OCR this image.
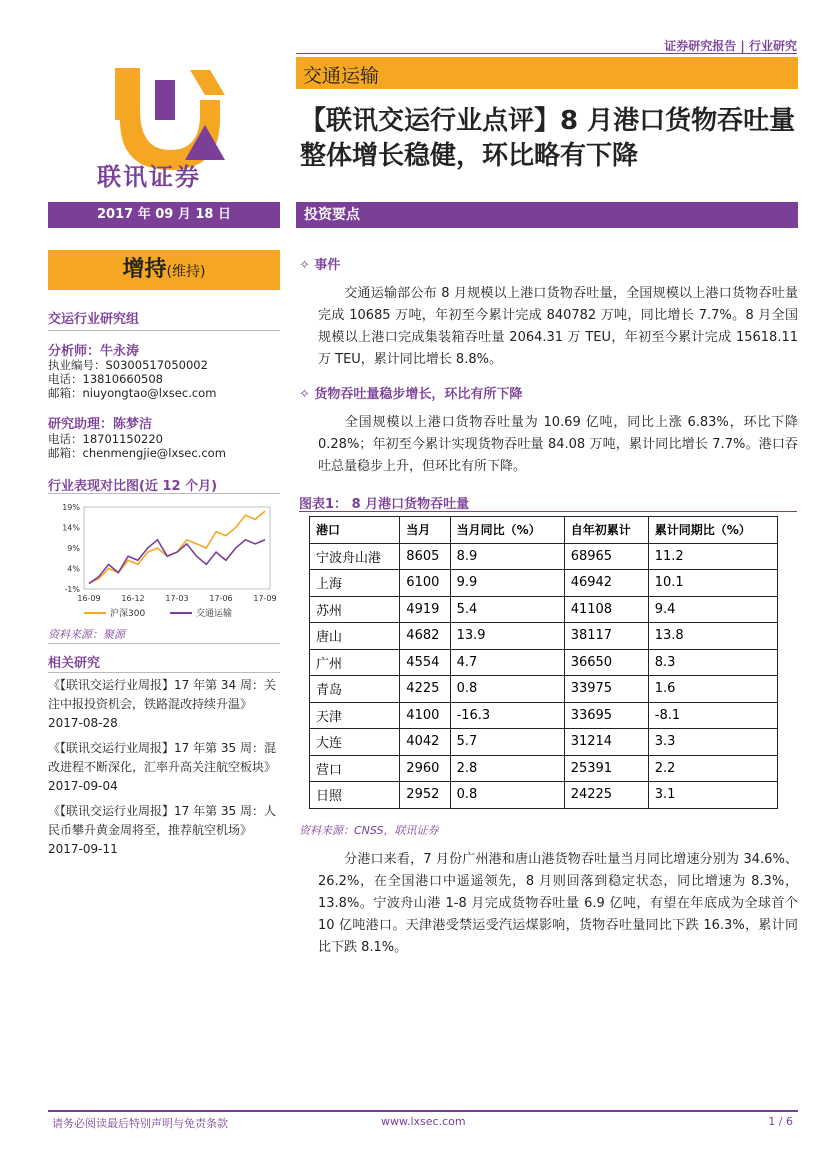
证券研究报告 | 行业研究
联讯证券
交通运输
【联讯交运行业点评】8 月港口货物吞吐量整体增长稳健，环比略有下降
2017 年 09 月 18 日	投资要点
增持(维持)
交运行业研究组
分析师：牛永涛
执业编号：S0300517050002
电话：13810660508
邮箱：niuyongtao@lxsec.com
研究助理：陈梦洁
电话：18701150220
邮箱：chenmengjie@lxsec.com
行业表现对比图(近 12 个月)
19%
14%
9%
4%
-1%
16-09	16-12	17-03	17-06	17-09
沪深300	交通运输
资料来源：聚源
相关研究
《【联讯交运行业周报】17 年第 34 周：关注中报投资机会，铁路混改持续升温》
2017-08-28
《【联讯交运行业周报】17 年第 35 周：混改进程不断深化，汇率升高关注航空板块》
2017-09-04
《【联讯交运行业周报】17 年第 35 周：人民币攀升黄金周将至，推荐航空机场》
2017-09-11
✧ 事件
交通运输部公布 8 月规模以上港口货物吞吐量，全国规模以上港口货物吞吐量完成 10685 万吨，年初至今累计完成 840782 万吨，同比增长 7.7%。8 月全国规模以上港口完成集装箱吞吐量 2064.31 万 TEU，年初至今累计完成 15618.11 万 TEU，累计同比增长 8.8%。
✧ 货物吞吐量稳步增长，环比有所下降
全国规模以上港口货物吞吐量为 10.69 亿吨，同比上涨 6.83%，环比下降 0.28%；年初至今累计实现货物吞吐量 84.08 万吨，累计同比增长 7.7%。港口吞吐总量稳步上升，但环比有所下降。
图表1： 8 月港口货物吞吐量
港口	当月	当月同比（%）	自年初累计	累计同期比（%）
宁波舟山港	8605	8.9	68965	11.2
上海	6100	9.9	46942	10.1
苏州	4919	5.4	41108	9.4
唐山	4682	13.9	38117	13.8
广州	4554	4.7	36650	8.3
青岛	4225	0.8	33975	1.6
天津	4100	-16.3	33695	-8.1
大连	4042	5.7	31214	3.3
营口	2960	2.8	25391	2.2
日照	2952	0.8	24225	3.1
资料来源：CNSS，联讯证券
分港口来看，7 月份广州港和唐山港货物吞吐量当月同比增速分别为 34.6%、26.2%，在全国港口中遥遥领先，8 月则回落到稳定状态，同比增速为 8.3%，13.8%。宁波舟山港 1-8 月完成货物吞吐量 6.9 亿吨，有望在年底成为全球首个 10 亿吨港口。天津港受禁运受汽运煤影响，货物吞吐量同比下跌 16.3%，累计同比下跌 8.1%。
请务必阅读最后特别声明与免责条款	www.lxsec.com	1 / 6
